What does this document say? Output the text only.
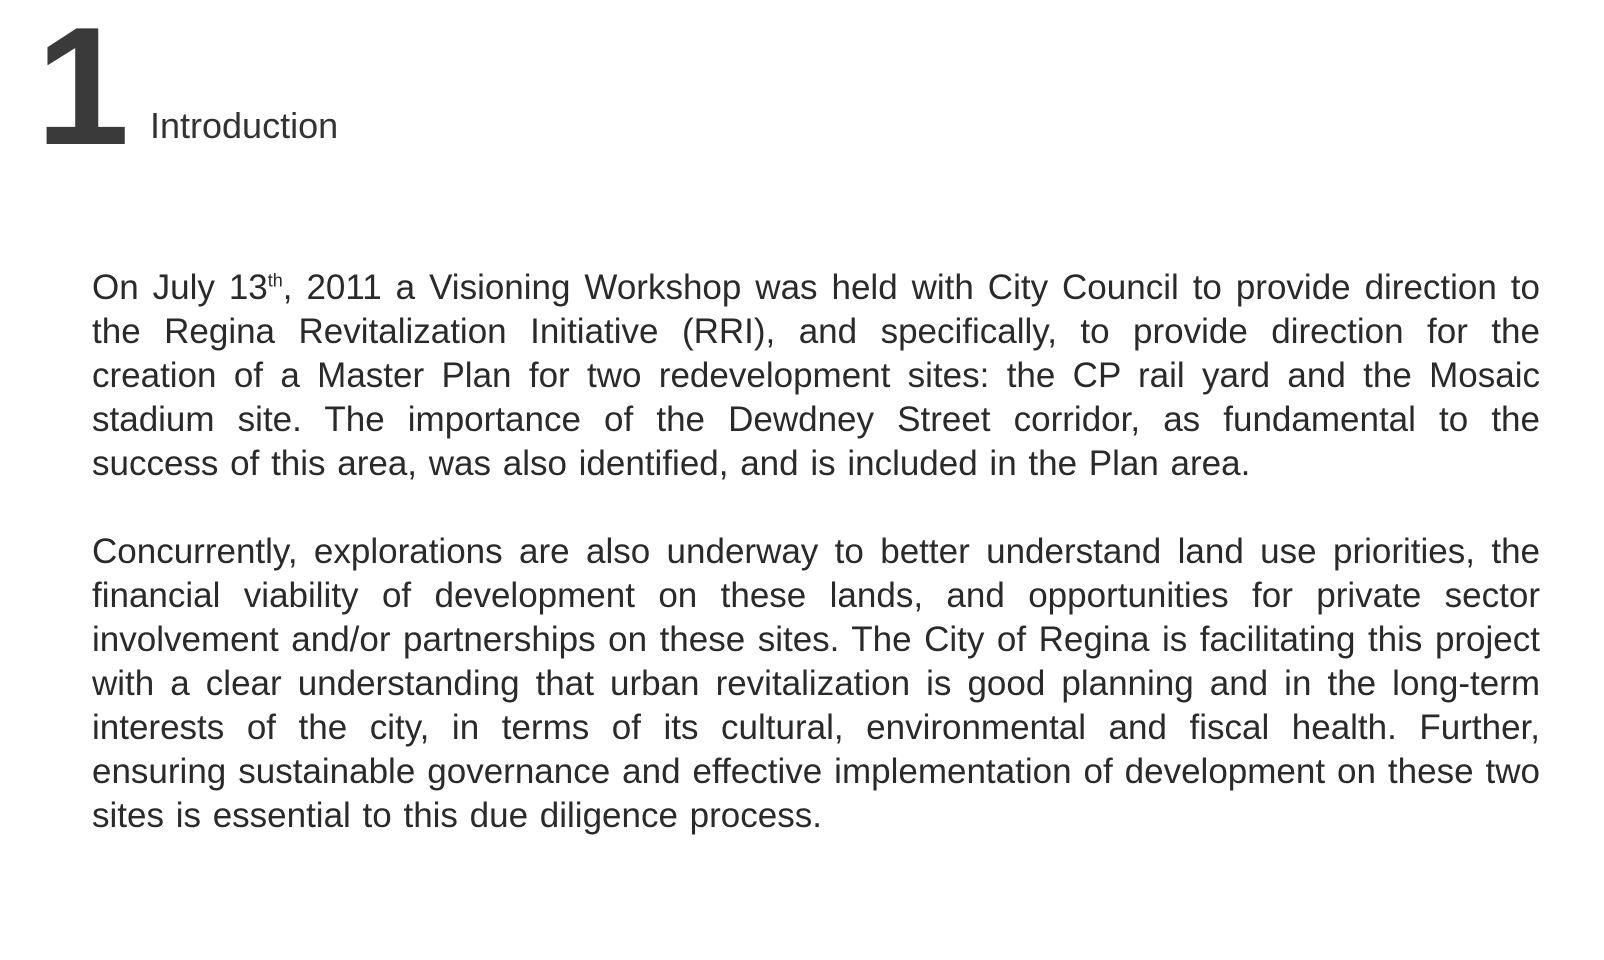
1 Introduction

On July 13th, 2011 a Visioning Workshop was held with City Council to provide direction to the Regina Revitalization Initiative (RRI), and specifically, to provide direction for the creation of a Master Plan for two redevelopment sites: the CP rail yard and the Mosaic stadium site. The importance of the Dewdney Street corridor, as fundamental to the success of this area, was also identified, and is included in the Plan area.

Concurrently, explorations are also underway to better understand land use priorities, the financial viability of development on these lands, and opportunities for private sector involvement and/or partnerships on these sites. The City of Regina is facilitating this project with a clear understanding that urban revitalization is good planning and in the long-term interests of the city, in terms of its cultural, environmental and fiscal health. Further, ensuring sustainable governance and effective implementation of development on these two sites is essential to this due diligence process.
